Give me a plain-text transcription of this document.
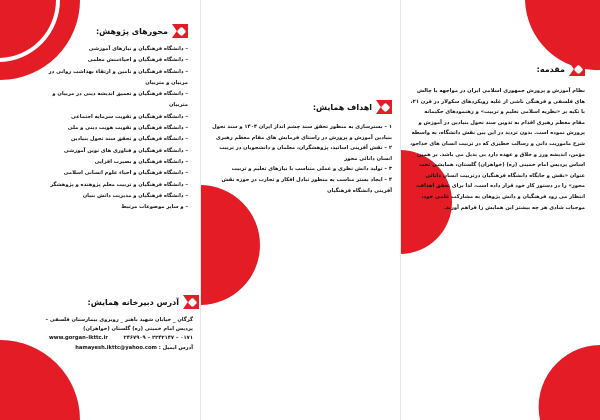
مقدمه:
نظام آموزش و پرورش جمهوری اسلامی ایران در مواجهه با چالش های فلسفی و فرهنگی ناشی از غلبه رویکردهای سکولار در قرن ۲۱، با تکیه بر «نظریه اسلامی تعلیم و تربیت» و رهنمودهای حکیمانه مقام معظم رهبری اقدام به تدوین سند تحول بنیادین در آموزش و پرورش نموده است. بدون تردید در این بین نقش دانشگاه، به واسطه شرح ماموریت ذاتی و رسالت خطیری که در تربیت انسان های خداجو، مؤمن، اندیشه ورز و خلاق و عهده دارد بی بدیل می باشد. بر همین اساس پردیس امام خمینی (ره) (خواهران) گلستان، همایشی تحت عنوان «نقش و جایگاه دانشگاه فرهنگیان درتربیت انسان دانائی محور» را در دستور کار خود قرار داده است، لذا برای تحقق اهداف، انتظار می رود فرهنگیان و دانش پژوهان به مشارکت علمی خود، موجبات شادی هر چه بیشتر این همایش را فراهم آورند.
اهداف همایش:

۱ – بسترسازی به منظور تحقق سند چشم انداز ایران ۱۴۰۴ و سند تحول بنیادین آموزش و پرورش در راستای فرمایش های مقام معظم رهبری

۲ – نقش آفرینی اساتید، پژوهشگران، معلمان و دانشجویان در تربیت انسان دانائی محور

۳ – تولید دانش نظری و عملی متناسب با نیازهای تعلیم و تربیت

۴ – ایجاد بستر مناسب به منظور تبادل افکار و تجارب در حوزه نقش آفرینی دانشگاه فرهنگیان

محورهای پژوهش:
– دانشگاه فرهنگیان و نیازهای آموزشی
– دانشگاه فرهنگیان و احیاءمنش معلمی
– دانشگاه فرهنگیان و تامین و ارتقاء بهداشت روانی در مربیان و متربیان
– دانشگاه فرهنگیان و تعمیق اندیشه دینی در مربیان و متربیان
– دانشگاه فرهنگیان و تقویت سرمایه اجتماعی
– دانشگاه فرهنگیان و تقویت هویت دینی و ملی
– دانشگاه فرهنگیان و تحقق سند تحول بنیادین
– دانشگاه فرهنگیان و فناوری های نوین آموزشی
– دانشگاه فرهنگیان و بصیرت افزایی
– دانشگاه فرهنگیان و احیاء علوم انسانی اسلامی
– دانشگاه فرهنگیان و تربیت معلم پژوهنده و پژوهشگر
– دانشگاه فرهنگیان و مدیریت دانش بنیان
– و سایر موضوعات مرتبط
آدرس دبیرخانه همایش:
گرگان _ خیابان شهید باهنر _ روبروی بیمارستان فلسفی – پردیس امام خمینی (ره) گلستان (خواهران)
۰۱۷۱ – ۲۲۴۲۱۴۷ – ۲۴۶۷۹۰۹  www.gorgan–ikttc.ir
آدرس ایمیل : hamayesh.ikttc@yahoo.com
